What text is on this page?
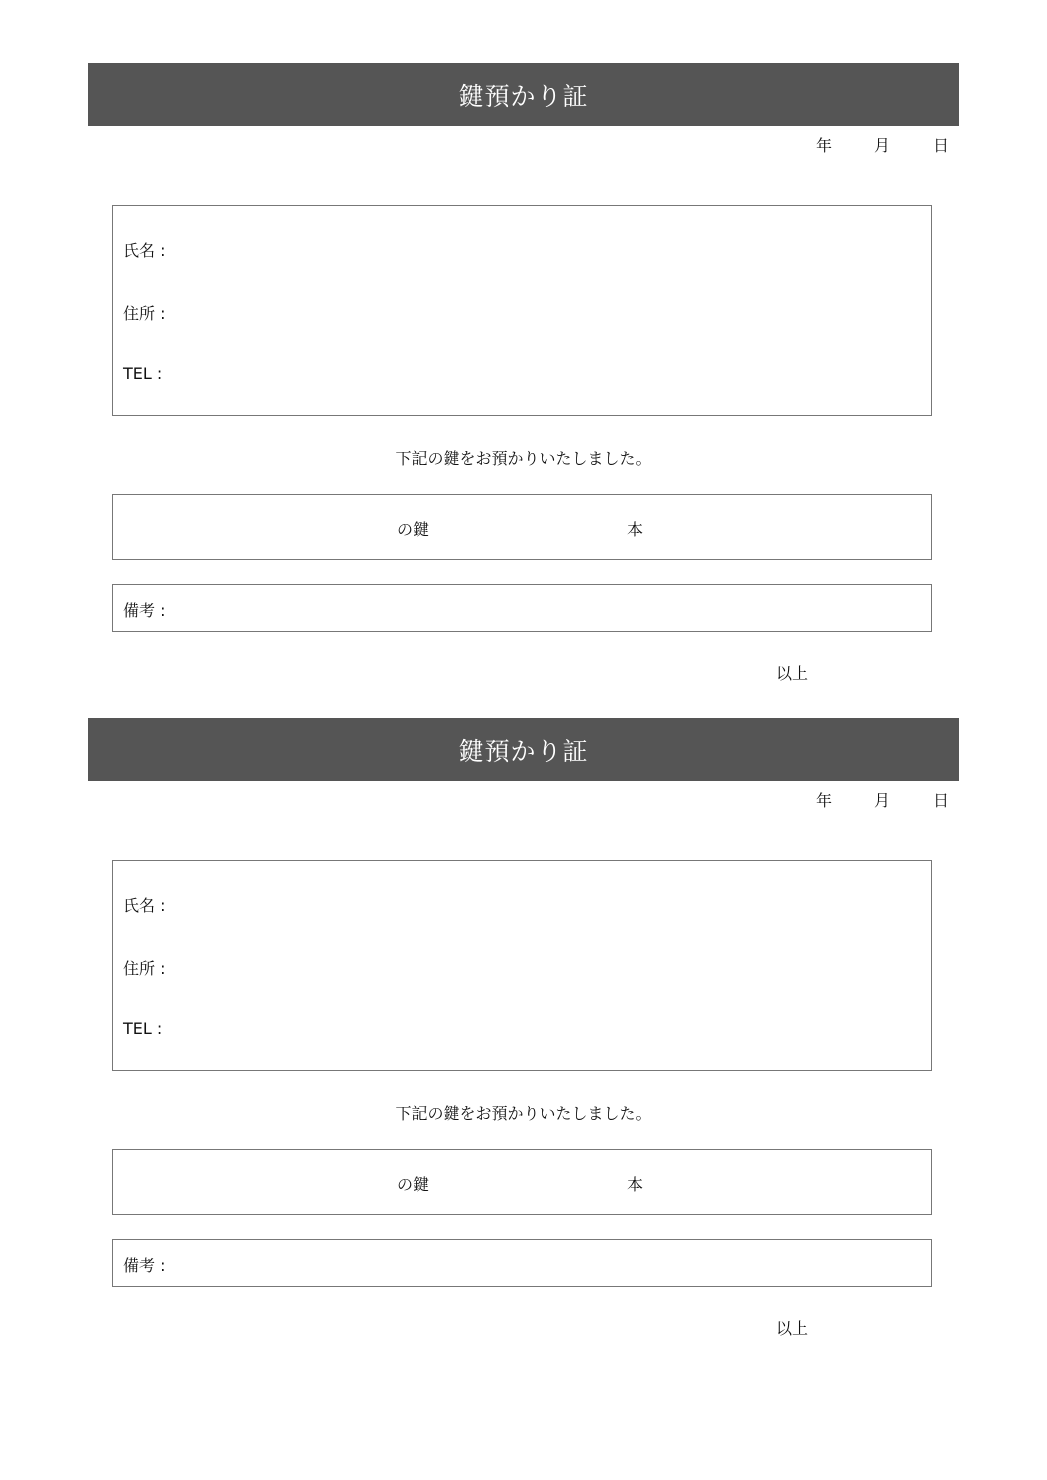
鍵預かり証
年	月	日
氏名 :
住所 :
TEL :
下記の鍵をお預かりいたしました。
の鍵	本
備考 :
以上
鍵預かり証
年	月	日
氏名 :
住所 :
TEL :
下記の鍵をお預かりいたしました。
の鍵	本
備考 :
以上
